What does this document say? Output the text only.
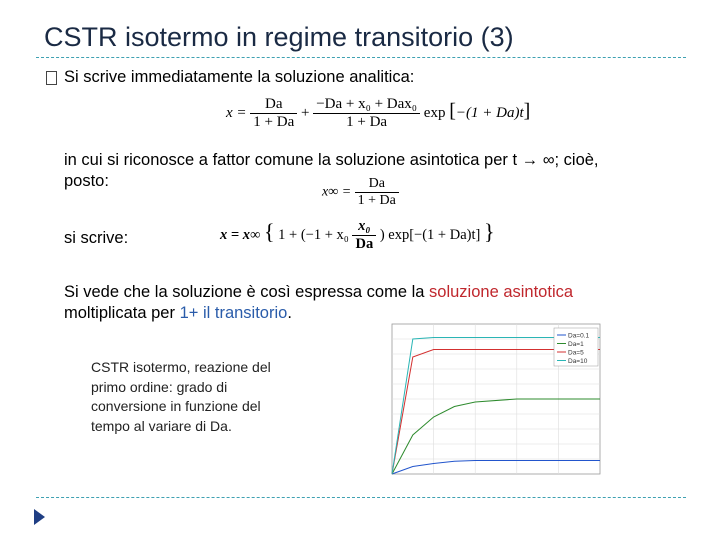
CSTR isotermo in regime transitorio (3)
Si scrive immediatamente la soluzione analitica:
$x = \frac{Da}{1 + Da} + \frac{\text{−Da + x₀ + Dax₀}}{1 + Da}$ exp [−(1 + Da)t]
in cui si riconosce a fattor comune la soluzione asintotica per t → ∞; cioè,
posto:
$x\infty = \frac{Da}{1 + Da}$
si scrive:	x = x∞ { 1 + (−1 + x₀
x₀
Da
) exp[−(1 + Da)t] }
Si vede che la soluzione è così espressa come la soluzione asintotica
moltiplicata per 1+ il transitorio.
CSTR isotermo, reazione del primo ordine: grado di conversione in funzione del tempo al variare di Da.
Da=0.1
Da=1
Da=5
Da=10
